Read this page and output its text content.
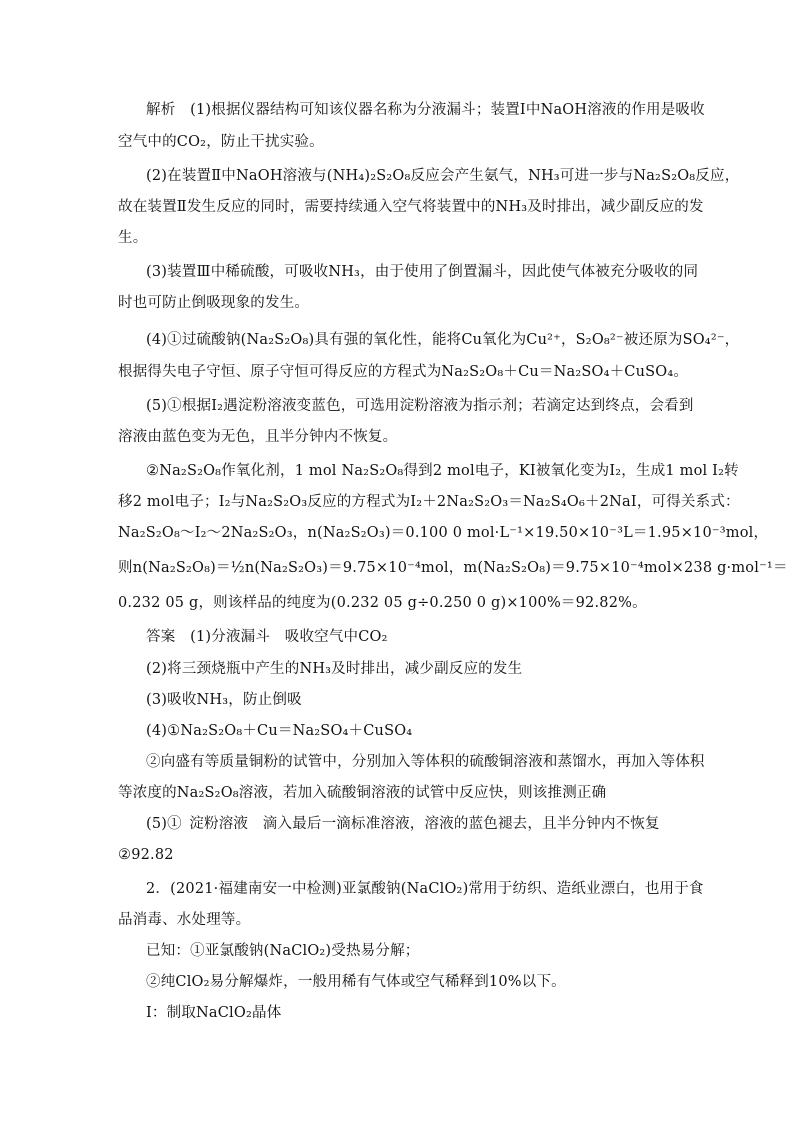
解析　(1)根据仪器结构可知该仪器名称为分液漏斗；装置Ⅰ中NaOH溶液的作用是吸收
空气中的CO₂，防止干扰实验。
(2)在装置Ⅱ中NaOH溶液与(NH₄)₂S₂O₈反应会产生氨气，NH₃可进一步与Na₂S₂O₈反应，
故在装置Ⅱ发生反应的同时，需要持续通入空气将装置中的NH₃及时排出，减少副反应的发
生。
(3)装置Ⅲ中稀硫酸，可吸收NH₃，由于使用了倒置漏斗，因此使气体被充分吸收的同
时也可防止倒吸现象的发生。
(4)①过硫酸钠(Na₂S₂O₈)具有强的氧化性，能将Cu氧化为Cu²⁺，S₂O₈²⁻被还原为SO₄²⁻，
根据得失电子守恒、原子守恒可得反应的方程式为Na₂S₂O₈＋Cu＝Na₂SO₄＋CuSO₄。
(5)①根据I₂遇淀粉溶液变蓝色，可选用淀粉溶液为指示剂；若滴定达到终点，会看到
溶液由蓝色变为无色，且半分钟内不恢复。
②Na₂S₂O₈作氧化剂，1 mol Na₂S₂O₈得到2 mol电子，KI被氧化变为I₂，生成1 mol I₂转
移2 mol电子；I₂与Na₂S₂O₃反应的方程式为I₂＋2Na₂S₂O₃＝Na₂S₄O₆＋2NaI，可得关系式：
Na₂S₂O₈～I₂～2Na₂S₂O₃，n(Na₂S₂O₃)＝0.100 0 mol·L⁻¹×19.50×10⁻³L＝1.95×10⁻³mol，
则n(Na₂S₂O₈)＝½n(Na₂S₂O₃)＝9.75×10⁻⁴mol，m(Na₂S₂O₈)＝9.75×10⁻⁴mol×238 g·mol⁻¹＝
0.232 05 g，则该样品的纯度为(0.232 05 g÷0.250 0 g)×100%＝92.82%。
答案　(1)分液漏斗　吸收空气中CO₂
(2)将三颈烧瓶中产生的NH₃及时排出，减少副反应的发生
(3)吸收NH₃，防止倒吸
(4)①Na₂S₂O₈＋Cu＝Na₂SO₄＋CuSO₄
②向盛有等质量铜粉的试管中，分别加入等体积的硫酸铜溶液和蒸馏水，再加入等体积
等浓度的Na₂S₂O₈溶液，若加入硫酸铜溶液的试管中反应快，则该推测正确
(5)① 淀粉溶液　滴入最后一滴标准溶液，溶液的蓝色褪去，且半分钟内不恢复
②92.82
2．(2021·福建南安一中检测)亚氯酸钠(NaClO₂)常用于纺织、造纸业漂白，也用于食
品消毒、水处理等。
已知：①亚氯酸钠(NaClO₂)受热易分解；
②纯ClO₂易分解爆炸，一般用稀有气体或空气稀释到10%以下。
Ⅰ：制取NaClO₂晶体
